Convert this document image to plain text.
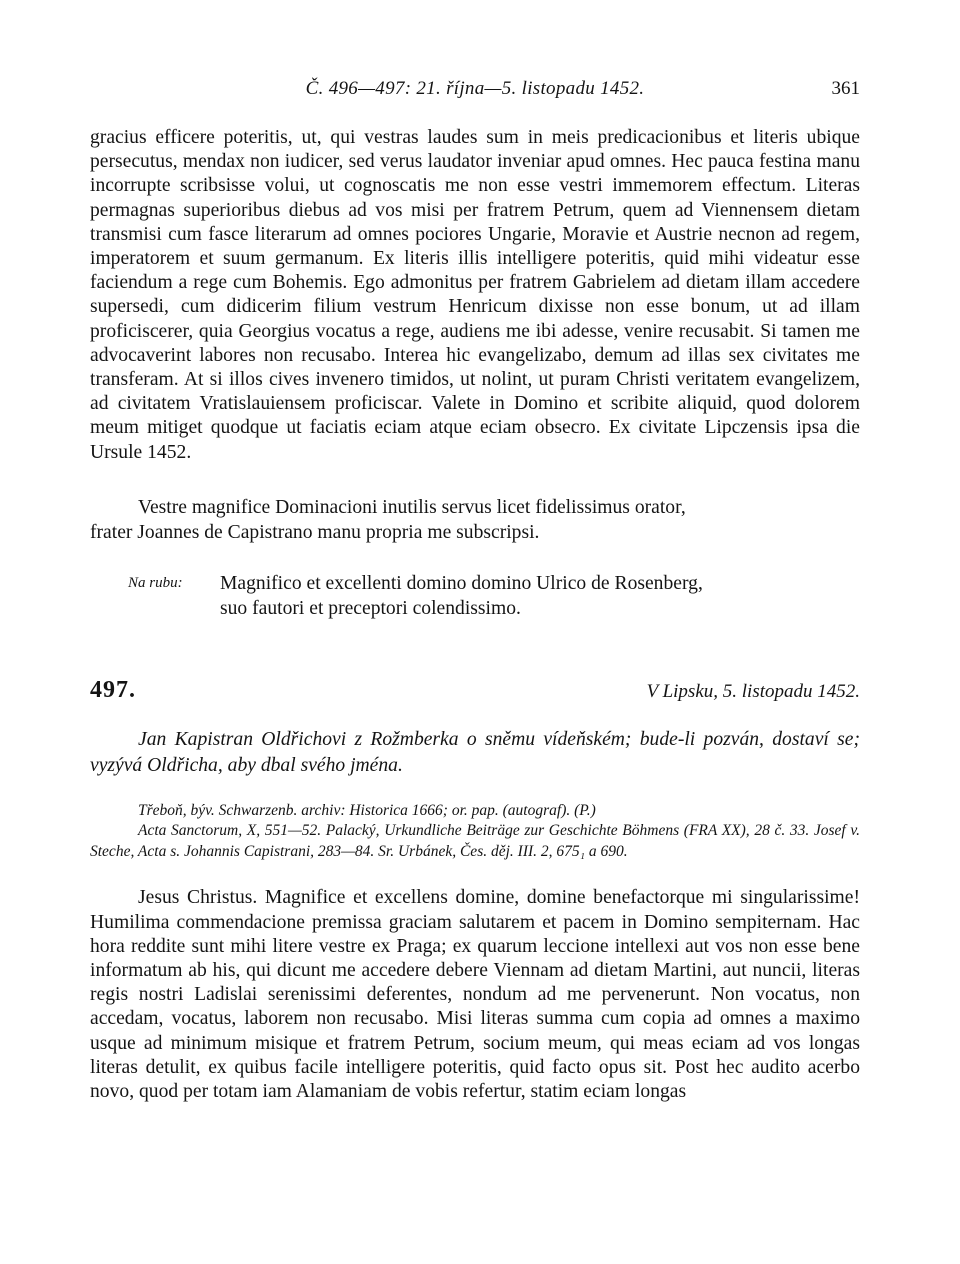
Č. 496—497: 21. října—5. listopadu 1452.	361

gracius efficere poteritis, ut, qui vestras laudes sum in meis predicacionibus et literis ubique persecutus, mendax non iudicer, sed verus laudator inveniar apud omnes. Hec pauca festina manu incorrupte scribsisse volui, ut cognoscatis me non esse vestri immemorem effectum. Literas permagnas superioribus diebus ad vos misi per fratrem Petrum, quem ad Viennensem dietam transmisi cum fasce literarum ad omnes pociores Ungarie, Moravie et Austrie necnon ad regem, imperatorem et suum germanum. Ex literis illis intelligere poteritis, quid mihi videatur esse faciendum a rege cum Bohemis. Ego admonitus per fratrem Gabrielem ad dietam illam accedere supersedi, cum didicerim filium vestrum Henricum dixisse non esse bonum, ut ad illam proficiscerer, quia Georgius vocatus a rege, audiens me ibi adesse, venire recusabit. Si tamen me advocaverint labores non recusabo. Interea hic evangelizabo, demum ad illas sex civitates me transferam. At si illos cives invenero timidos, ut nolint, ut puram Christi veritatem evangelizem, ad civitatem Vratislauiensem proficiscar. Valete in Domino et scribite aliquid, quod dolorem meum mitiget quodque ut faciatis eciam atque eciam obsecro. Ex civitate Lipczensis ipsa die Ursule 1452.

Vestre magnifice Dominacioni inutilis servus licet fidelissimus orator,
frater Joannes de Capistrano manu propria me subscripsi.
Na rubu:	Magnifico et excellenti domino domino Ulrico de Rosenberg,
suo fautori et preceptori colendissimo.
497.	V Lipsku, 5. listopadu 1452.
Jan Kapistran Oldřichovi z Rožmberka o sněmu vídeňském; bude-li pozván, dostaví se; vyzývá Oldřicha, aby dbal svého jména.

Třeboň, býv. Schwarzenb. archiv: Historica 1666; or. pap. (autograf). (P.)

Acta Sanctorum, X, 551—52. Palacký, Urkundliche Beiträge zur Geschichte Böhmens (FRA XX), 28 č. 33. Josef v. Steche, Acta s. Johannis Capistrani, 283—84. Sr. Urbánek, Čes. děj. III. 2, 675₁ a 690.

Jesus Christus. Magnifice et excellens domine, domine benefactorque mi singularissime! Humilima commendacione premissa graciam salutarem et pacem in Domino sempiternam. Hac hora reddite sunt mihi litere vestre ex Praga; ex quarum leccione intellexi aut vos non esse bene informatum ab his, qui dicunt me accedere debere Viennam ad dietam Martini, aut nuncii, literas regis nostri Ladislai serenissimi deferentes, nondum ad me pervenerunt. Non vocatus, non accedam, vocatus, laborem non recusabo. Misi literas summa cum copia ad omnes a maximo usque ad minimum misique et fratrem Petrum, socium meum, qui meas eciam ad vos longas literas detulit, ex quibus facile intelligere poteritis, quid facto opus sit. Post hec audito acerbo novo, quod per totam iam Alamaniam de vobis refertur, statim eciam longas
